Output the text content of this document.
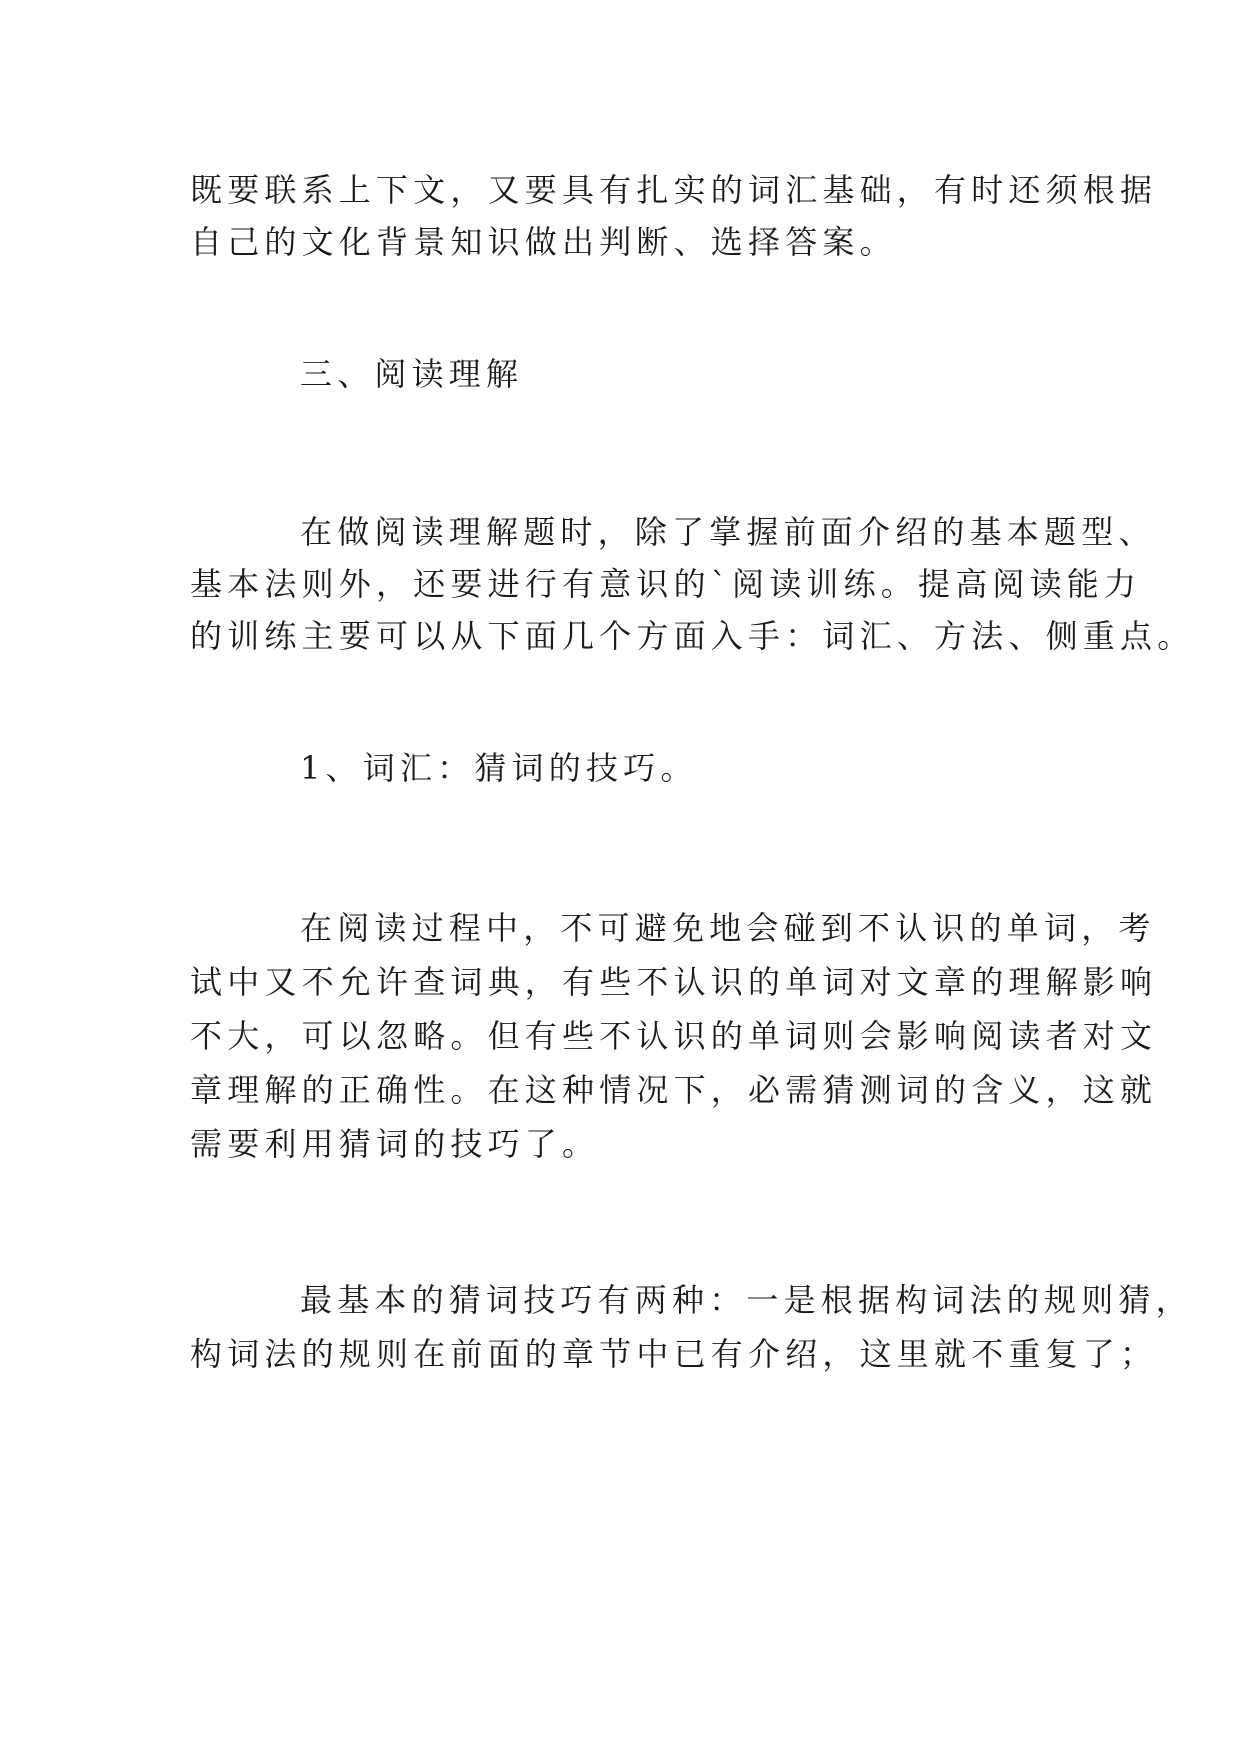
既要联系上下文，又要具有扎实的词汇基础，有时还须根据
自己的文化背景知识做出判断、选择答案。
三、阅读理解
在做阅读理解题时，除了掌握前面介绍的基本题型、
基本法则外，还要进行有意识的`阅读训练。提高阅读能力
的训练主要可以从下面几个方面入手：词汇、方法、侧重点。
1、词汇：猜词的技巧。
在阅读过程中，不可避免地会碰到不认识的单词，考
试中又不允许查词典，有些不认识的单词对文章的理解影响
不大，可以忽略。但有些不认识的单词则会影响阅读者对文
章理解的正确性。在这种情况下，必需猜测词的含义，这就
需要利用猜词的技巧了。
最基本的猜词技巧有两种：一是根据构词法的规则猜，
构词法的规则在前面的章节中已有介绍，这里就不重复了；
